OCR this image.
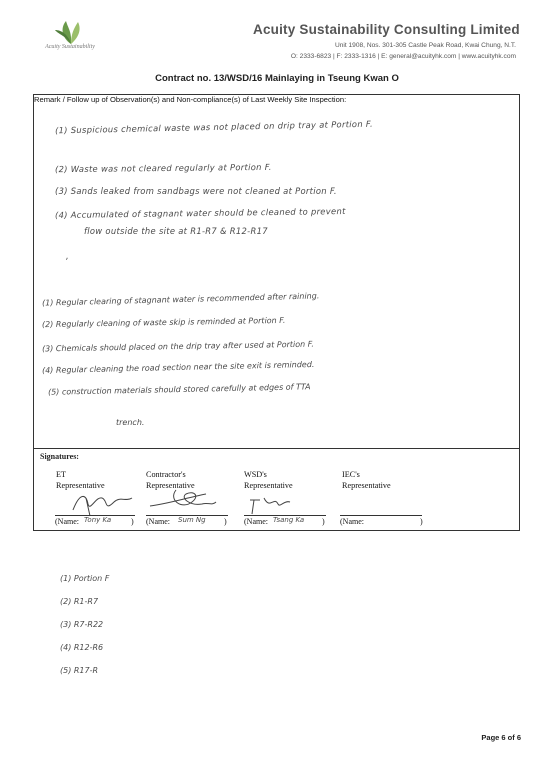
Acuity Sustainability
Acuity Sustainability Consulting Limited
Unit 1908, Nos. 301-305 Castle Peak Road, Kwai Chung, N.T.
O: 2333-6823 | F: 2333-1316 | E: general@acuityhk.com | www.acuityhk.com
Contract no. 13/WSD/16 Mainlaying in Tseung Kwan O
Remark / Follow up of Observation(s) and Non-compliance(s) of Last Weekly Site Inspection:
(1) Suspicious chemical waste was not placed on drip tray at Portion F.
(2) Waste was not cleared regularly at Portion F.
(3) Sands leaked from sandbags were not cleaned at Portion F.
(4) Accumulated of stagnant water should be cleaned to prevent
flow outside the site at R1-R7 & R12-R17
,
(1) Regular clearing of stagnant water is recommended after raining.
(2) Regularly cleaning of waste skip is reminded at Portion F.
(3) Chemicals should placed on the drip tray after used at Portion F.
(4) Regular cleaning the road section near the site exit is reminded.
(5) construction materials should stored carefully at edges of TTA
trench.
Signatures:
ET
Representative
(Name: Tony Ka )
Contractor's
Representative
(Name: Sum Ng )
WSD's
Representative
(Name: Tsang Ka )
IEC's
Representative
(Name:	)
(1) Portion F
(2) R1-R7
(3) R7-R22
(4) R12-R6
(5) R17-R
Page 6 of 6
